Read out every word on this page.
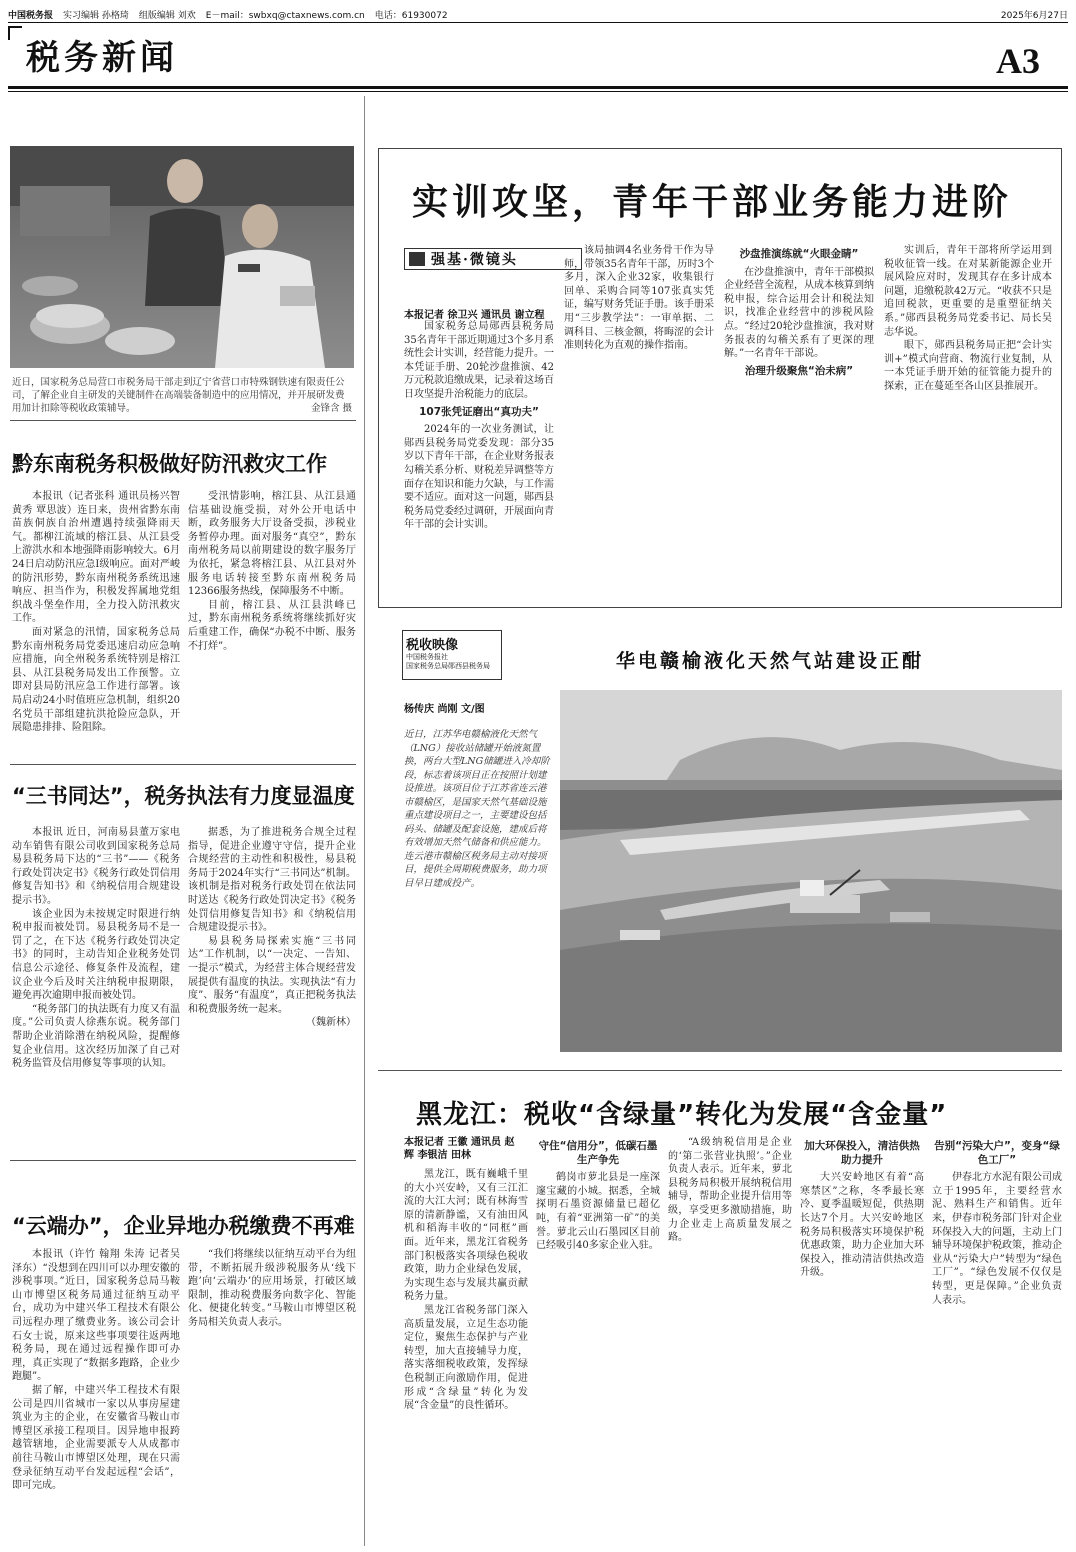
中国税务报 实习编辑 孙格琦 组版编辑 刘欢 E－mail：swbxq@ctaxnews.com.cn 电话：61930072	2025年6月27日
税务新闻	A3
近日，国家税务总局营口市税务局干部走到辽宁省营口市特殊钢铁速有限责任公司，了解企业自主研发的关键制件在高端装备制造中的应用情况，并开展研发费用加计扣除等税收政策辅导。	金锋含 摄
黔东南税务积极做好防汛救灾工作

本报讯（记者张科 通讯员杨兴智 黄秀 覃思波）连日来，贵州省黔东南苗族侗族自治州遭遇持续强降雨天气。都柳江流域的榕江县、从江县受上游洪水和本地强降雨影响较大。6月24日启动防汛应急Ⅰ级响应。面对严峻的防汛形势，黔东南州税务系统迅速响应、担当作为，积极发挥属地党组织战斗堡垒作用，全力投入防汛救灾工作。

面对紧急的汛情，国家税务总局黔东南州税务局党委迅速启动应急响应措施，向全州税务系统特别是榕江县、从江县税务局发出工作预警。立即对县局防汛应急工作进行部署。该局启动24小时值班应急机制，组织20名党员干部组建抗洪抢险应急队，开展隐患排排、险阻除。

受汛情影响，榕江县、从江县通信基础设施受损，对外公开电话中断，政务服务大厅设备受损，涉税业务暂停办理。面对服务“真空”，黔东南州税务局以前期建设的数字服务厅为依托，紧急将榕江县、从江县对外服务电话转接至黔东南州税务局12366服务热线，保障服务不中断。

目前，榕江县、从江县洪峰已过，黔东南州税务系统将继续抓好灾后重建工作，确保“办税不中断、服务不打烊”。

“三书同达”，税务执法有力度显温度

本报讯 近日，河南易县董万家电动车销售有限公司收到国家税务总局易县税务局下达的“三书”——《税务行政处罚决定书》《税务行政处罚信用修复告知书》和《纳税信用合规建设提示书》。

该企业因为未按规定时限进行纳税申报而被处罚。易县税务局不是一罚了之，在下达《税务行政处罚决定书》的同时，主动告知企业税务处罚信息公示途径、修复条件及流程，建议企业今后及时关注纳税申报期限，避免再次逾期申报而被处罚。

“税务部门的执法既有力度又有温度。”公司负责人徐燕东说。税务部门帮助企业消除潜在纳税风险，提醒修复企业信用。这次经历加深了自己对税务监管及信用修复等事项的认知。

据悉，为了推进税务合规全过程指导，促进企业遵守守信，提升企业合规经营的主动性和积极性，易县税务局于2024年实行“三书同达”机制。该机制是指对税务行政处罚在依法同时送达《税务行政处罚决定书》《税务处罚信用修复告知书》和《纳税信用合规建设提示书》。

易县税务局探索实施“三书同达”工作机制，以“一决定、一告知、一提示”模式，为经营主体合规经营发展提供有温度的执法。实现执法“有力度”、服务“有温度”，真正把税务执法和税费服务统一起来。

（魏新林）

“云端办”，企业异地办税缴费不再难

本报讯（许竹 翰翔 朱涛 记者吴泽东）“没想到在四川可以办理安徽的涉税事项。”近日，国家税务总局马鞍山市博望区税务局通过征纳互动平台，成功为中建兴华工程技术有限公司远程办理了缴费业务。该公司会计石女士说，原来这些事项要往返两地税务局，现在通过远程操作即可办理，真正实现了“数据多跑路，企业少跑腿”。

据了解，中建兴华工程技术有限公司是四川省城市一家以从事房屋建筑业为主的企业，在安徽省马鞍山市博望区承接工程项目。因异地申报跨越管辖地，企业需要派专人从成都市前往马鞍山市博望区处理，现在只需登录征纳互动平台发起远程“会话”，即可完成。

“我们将继续以征纳互动平台为纽带，不断拓展升级涉税服务从‘线下跑’向‘云端办’的应用场景，打破区域限制，推动税费服务向数字化、智能化、便捷化转变。”马鞍山市博望区税务局相关负责人表示。

实训攻坚，青年干部业务能力进阶
强基·微镜头
本报记者 徐卫兴 通讯员 谢立程

国家税务总局郧西县税务局35名青年干部近期通过3个多月系统性会计实训，经营能力提升。一本凭证手册、20轮沙盘推演、42万元税款追缴成果，记录着这场百日攻坚提升治税能力的底层。

107张凭证磨出“真功夫”

2024年的一次业务测试，让郧西县税务局党委发现：部分35岁以下青年干部，在企业财务报表勾稽关系分析、财税差异调整等方面存在知识和能力欠缺，与工作需要不适应。面对这一问题，郧西县税务局党委经过调研，开展面向青年干部的会计实训。

该局抽调4名业务骨干作为导师，带领35名青年干部，历时3个多月，深入企业32家，收集银行回单、采购合同等107张真实凭证，编写财务凭证手册。该手册采用“三步教学法”：一审单据、二调科目、三核金额，将晦涩的会计准则转化为直观的操作指南。

沙盘推演练就“火眼金睛”

在沙盘推演中，青年干部模拟企业经营全流程，从成本核算到纳税申报，综合运用会计和税法知识，找准企业经营中的涉税风险点。“经过20轮沙盘推演，我对财务报表的勾稽关系有了更深的理解。”一名青年干部说。

治理升级聚焦“治未病”

实训后，青年干部将所学运用到税收征管一线。在对某新能源企业开展风险应对时，发现其存在多计成本问题，追缴税款42万元。“收获不只是追回税款，更重要的是重塑征纳关系。”郧西县税务局党委书记、局长吴志华说。

眼下，郧西县税务局正把“会计实训+”模式向营商、物流行业复制，从一本凭证手册开始的征管能力提升的探索，正在蔓延至各山区县推展开。

税收映像
中国税务报社
国家税务总局郧西县税务局	华电赣榆液化天然气站建设正酣
杨传庆 尚刚 文/图
近日，江苏华电赣榆液化天然气（LNG）接收站储罐开始液氮置换，两台大型LNG储罐进入冷却阶段，标志着该项目正在按照计划建设推进。该项目位于江苏省连云港市赣榆区，是国家天然气基础设施重点建设项目之一，主要建设包括码头、储罐及配套设施，建成后将有效增加天然气储备和供应能力。连云港市赣榆区税务局主动对接项目，提供全周期税费服务，助力项目早日建成投产。
黑龙江：税收“含绿量”转化为发展“含金量”
本报记者 王徽 通讯员 赵辉 李银洁 田林

黑龙江，既有巍峨千里的大小兴安岭，又有三江汇流的大江大河；既有林海雪原的清新静谧，又有油田风机和稻海丰收的“同框”画面。近年来，黑龙江省税务部门积极落实各项绿色税收政策，助力企业绿色发展，为实现生态与发展共赢贡献税务力量。

黑龙江省税务部门深入高质量发展，立足生态功能定位，聚焦生态保护与产业转型，加大直接辅导力度，落实落细税收政策，发挥绿色税制正向激励作用，促进形成“含绿量”转化为发展“含金量”的良性循环。

守住“信用分”，低碳石墨生产争先

鹤岗市萝北县是一座深邃宝藏的小城。据悉，全城探明石墨资源储量已超亿吨，有着“亚洲第一矿”的美誉。萝北云山石墨园区目前已经吸引40多家企业入驻。

“A级纳税信用是企业的‘第二张营业执照’。”企业负责人表示。近年来，萝北县税务局积极开展纳税信用辅导，帮助企业提升信用等级，享受更多激励措施，助力企业走上高质量发展之路。

加大环保投入，清洁供热助力提升

大兴安岭地区有着“高寒禁区”之称，冬季最长寒冷、夏季温暖短促，供热期长达7个月。大兴安岭地区税务局积极落实环境保护税优惠政策，助力企业加大环保投入，推动清洁供热改造升级。

告别“污染大户”，变身“绿色工厂”

伊春北方水泥有限公司成立于1995年，主要经营水泥、熟料生产和销售。近年来，伊春市税务部门针对企业环保投入大的问题，主动上门辅导环境保护税政策，推动企业从“污染大户”转型为“绿色工厂”。“绿色发展不仅仅是转型，更是保障。”企业负责人表示。
